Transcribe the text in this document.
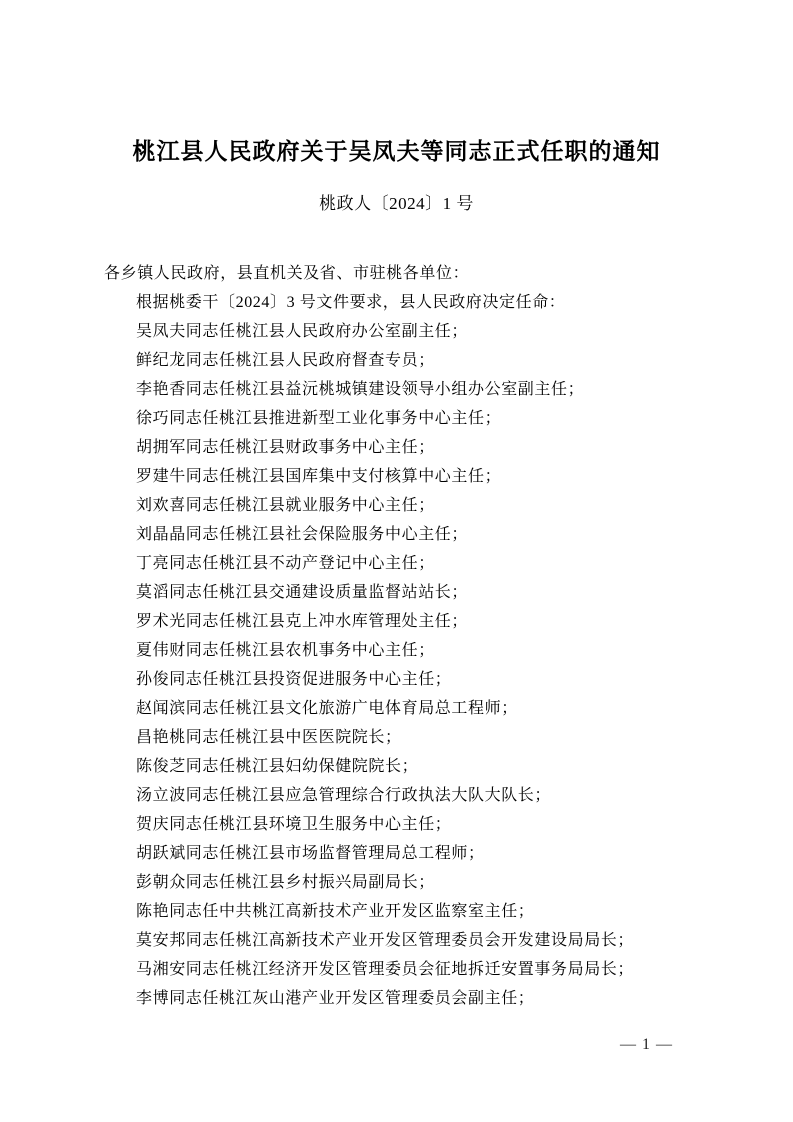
桃江县人民政府关于吴凤夫等同志正式任职的通知
桃政人〔2024〕1 号

各乡镇人民政府，县直机关及省、市驻桃各单位：

根据桃委干〔2024〕3 号文件要求，县人民政府决定任命：

吴凤夫同志任桃江县人民政府办公室副主任；

鲜纪龙同志任桃江县人民政府督查专员；

李艳香同志任桃江县益沅桃城镇建设领导小组办公室副主任；

徐巧同志任桃江县推进新型工业化事务中心主任；

胡拥军同志任桃江县财政事务中心主任；

罗建牛同志任桃江县国库集中支付核算中心主任；

刘欢喜同志任桃江县就业服务中心主任；

刘晶晶同志任桃江县社会保险服务中心主任；

丁亮同志任桃江县不动产登记中心主任；

莫滔同志任桃江县交通建设质量监督站站长；

罗术光同志任桃江县克上冲水库管理处主任；

夏伟财同志任桃江县农机事务中心主任；

孙俊同志任桃江县投资促进服务中心主任；

赵闻滨同志任桃江县文化旅游广电体育局总工程师；

昌艳桃同志任桃江县中医医院院长；

陈俊芝同志任桃江县妇幼保健院院长；

汤立波同志任桃江县应急管理综合行政执法大队大队长；

贺庆同志任桃江县环境卫生服务中心主任；

胡跃斌同志任桃江县市场监督管理局总工程师；

彭朝众同志任桃江县乡村振兴局副局长；

陈艳同志任中共桃江高新技术产业开发区监察室主任；

莫安邦同志任桃江高新技术产业开发区管理委员会开发建设局局长；

马湘安同志任桃江经济开发区管理委员会征地拆迁安置事务局局长；

李博同志任桃江灰山港产业开发区管理委员会副主任；

— 1 —
